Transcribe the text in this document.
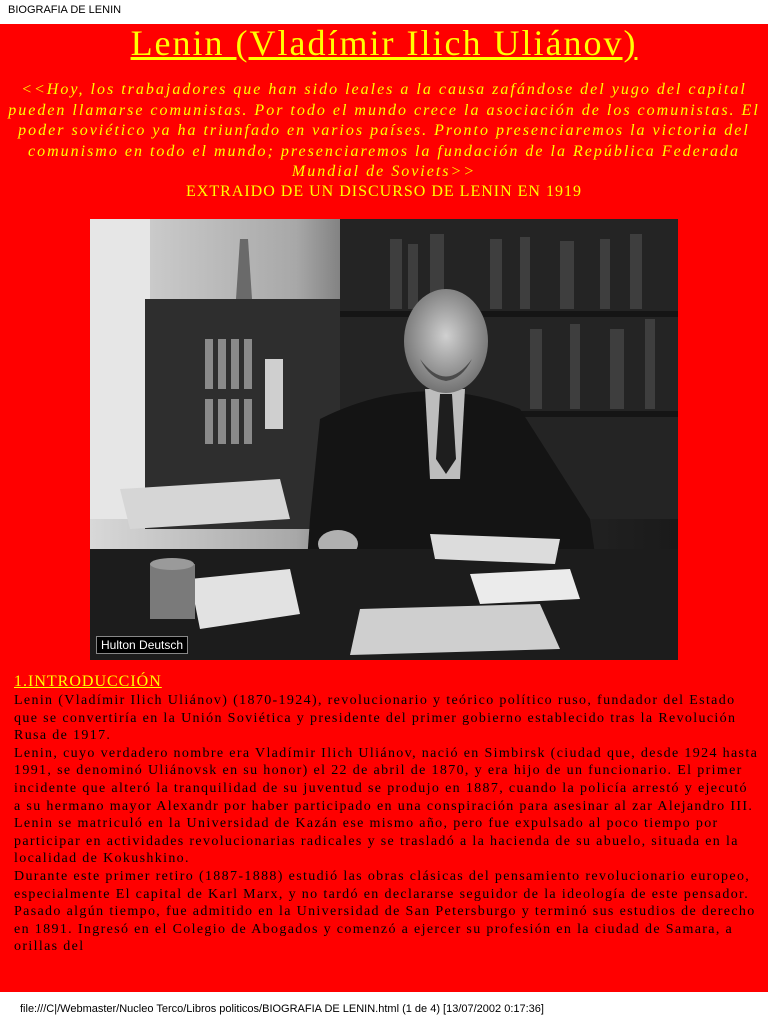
BIOGRAFIA DE LENIN
Lenin (Vladímir Ilich Uliánov)
<<Hoy, los trabajadores que han sido leales a la causa zafándose del yugo del capital pueden llamarse comunistas. Por todo el mundo crece la asociación de los comunistas. El poder soviético ya ha triunfado en varios países. Pronto presenciaremos la victoria del comunismo en todo el mundo; presenciaremos la fundación de la República Federada Mundial de Soviets>>
EXTRAIDO DE UN DISCURSO DE LENIN EN 1919
Hulton Deutsch
1.INTRODUCCIÓN

Lenin (Vladímir Ilich Uliánov) (1870-1924), revolucionario y teórico político ruso, fundador del Estado que se convertiría en la Unión Soviética y presidente del primer gobierno establecido tras la Revolución Rusa de 1917.

Lenin, cuyo verdadero nombre era Vladímir Ilich Uliánov, nació en Simbirsk (ciudad que, desde 1924 hasta 1991, se denominó Uliánovsk en su honor) el 22 de abril de 1870, y era hijo de un funcionario. El primer incidente que alteró la tranquilidad de su juventud se produjo en 1887, cuando la policía arrestó y ejecutó a su hermano mayor Alexandr por haber participado en una conspiración para asesinar al zar Alejandro III. Lenin se matriculó en la Universidad de Kazán ese mismo año, pero fue expulsado al poco tiempo por participar en actividades revolucionarias radicales y se trasladó a la hacienda de su abuelo, situada en la localidad de Kokushkino.

Durante este primer retiro (1887-1888) estudió las obras clásicas del pensamiento revolucionario europeo, especialmente El capital de Karl Marx, y no tardó en declararse seguidor de la ideología de este pensador. Pasado algún tiempo, fue admitido en la Universidad de San Petersburgo y terminó sus estudios de derecho en 1891. Ingresó en el Colegio de Abogados y comenzó a ejercer su profesión en la ciudad de Samara, a orillas del

file:///C|/Webmaster/Nucleo Terco/Libros politicos/BIOGRAFIA DE LENIN.html (1 de 4) [13/07/2002 0:17:36]
